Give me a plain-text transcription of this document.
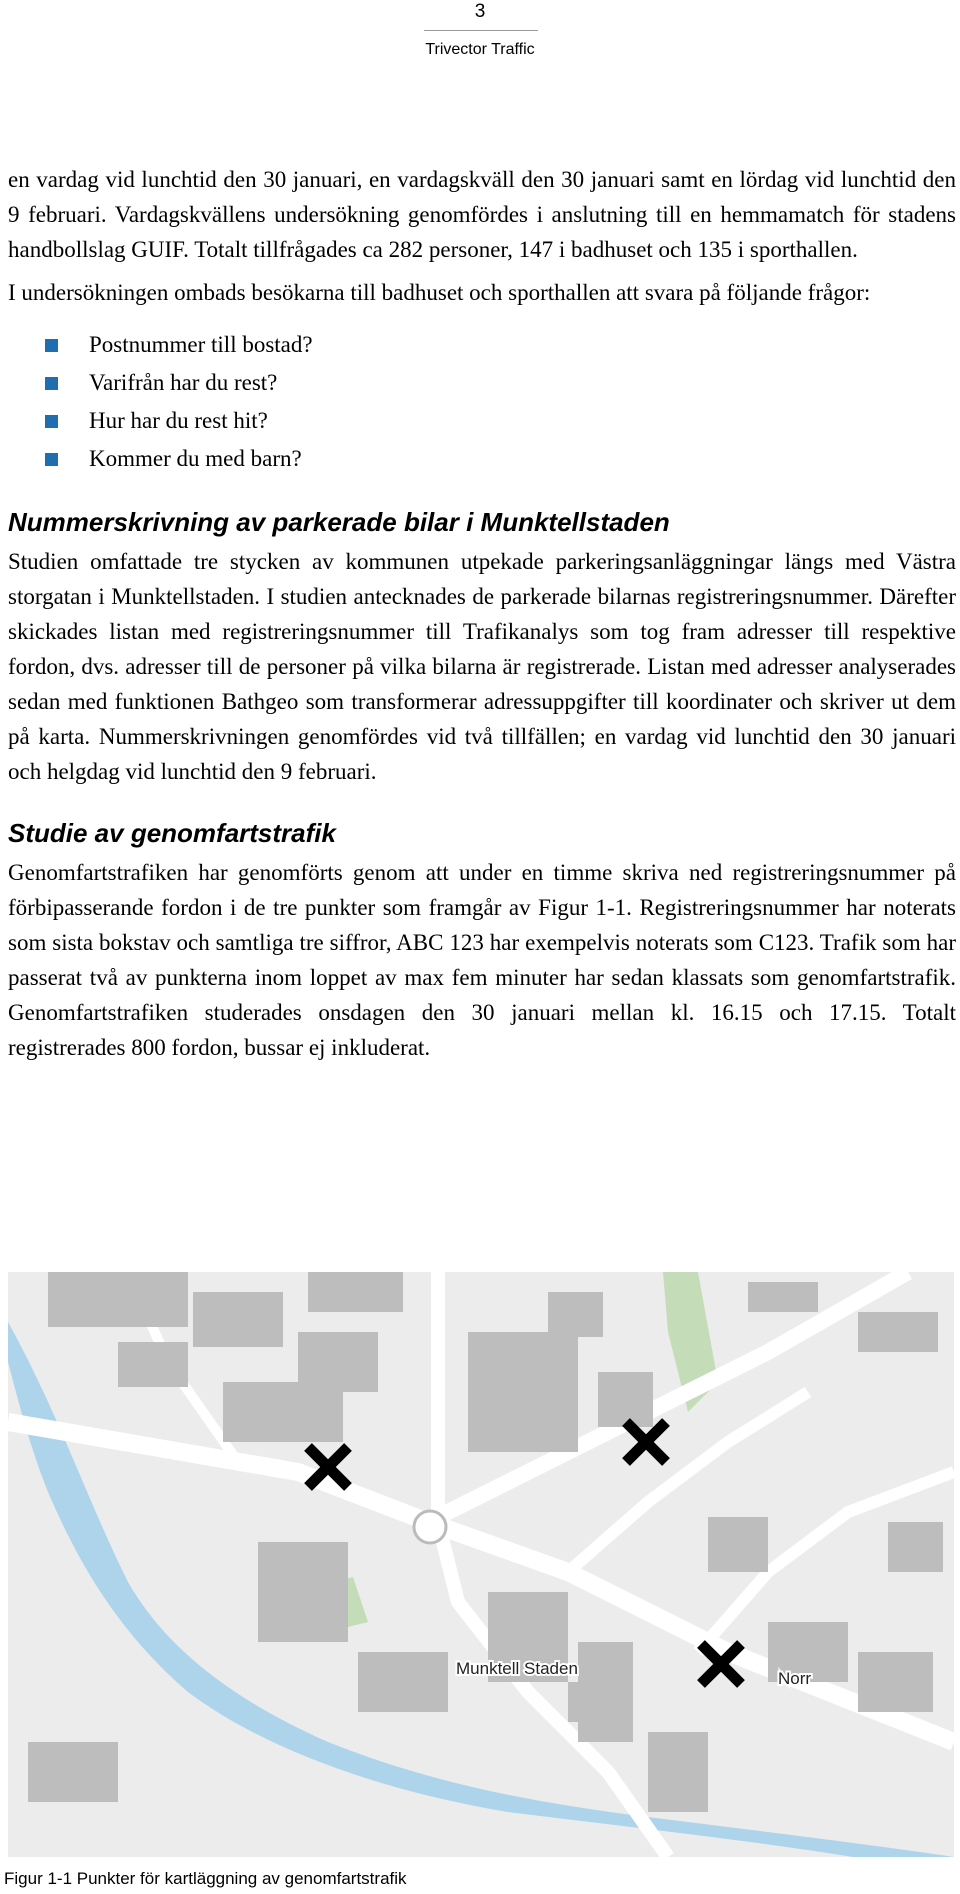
3
Trivector Traffic

en vardag vid lunchtid den 30 januari, en vardagskväll den 30 januari samt en lördag vid lunchtid den 9 februari. Vardagskvällens undersökning genomfördes i anslutning till en hemmamatch för stadens handbollslag GUIF. Totalt tillfrågades ca 282 personer, 147 i badhuset och 135 i sporthallen.

I undersökningen ombads besökarna till badhuset och sporthallen att svara på följande frågor:

Postnummer till bostad?
Varifrån har du rest?
Hur har du rest hit?
Kommer du med barn?
Nummerskrivning av parkerade bilar i Munktellstaden

Studien omfattade tre stycken av kommunen utpekade parkeringsanläggningar längs med Västra storgatan i Munktellstaden. I studien antecknades de parkerade bilarnas registreringsnummer. Därefter skickades listan med registreringsnummer till Trafikanalys som tog fram adresser till respektive fordon, dvs. adresser till de personer på vilka bilarna är registrerade. Listan med adresser analyserades sedan med funktionen Bathgeo som transformerar adressuppgifter till koordinater och skriver ut dem på karta. Nummerskrivningen genomfördes vid två tillfällen; en vardag vid lunchtid den 30 januari och helgdag vid lunchtid den 9 februari.

Studie av genomfartstrafik

Genomfartstrafiken har genomförts genom att under en timme skriva ned registreringsnummer på förbipasserande fordon i de tre punkter som framgår av Figur 1-1. Registreringsnummer har noterats som sista bokstav och samtliga tre siffror, ABC 123 har exempelvis noterats som C123. Trafik som har passerat två av punkterna inom loppet av max fem minuter har sedan klassats som genomfartstrafik. Genomfartstrafiken studerades onsdagen den 30 januari mellan kl. 16.15 och 17.15. Totalt registrerades 800 fordon, bussar ej inkluderat.

Munktell Staden
Norr
Figur 1-1 Punkter för kartläggning av genomfartstrafik
